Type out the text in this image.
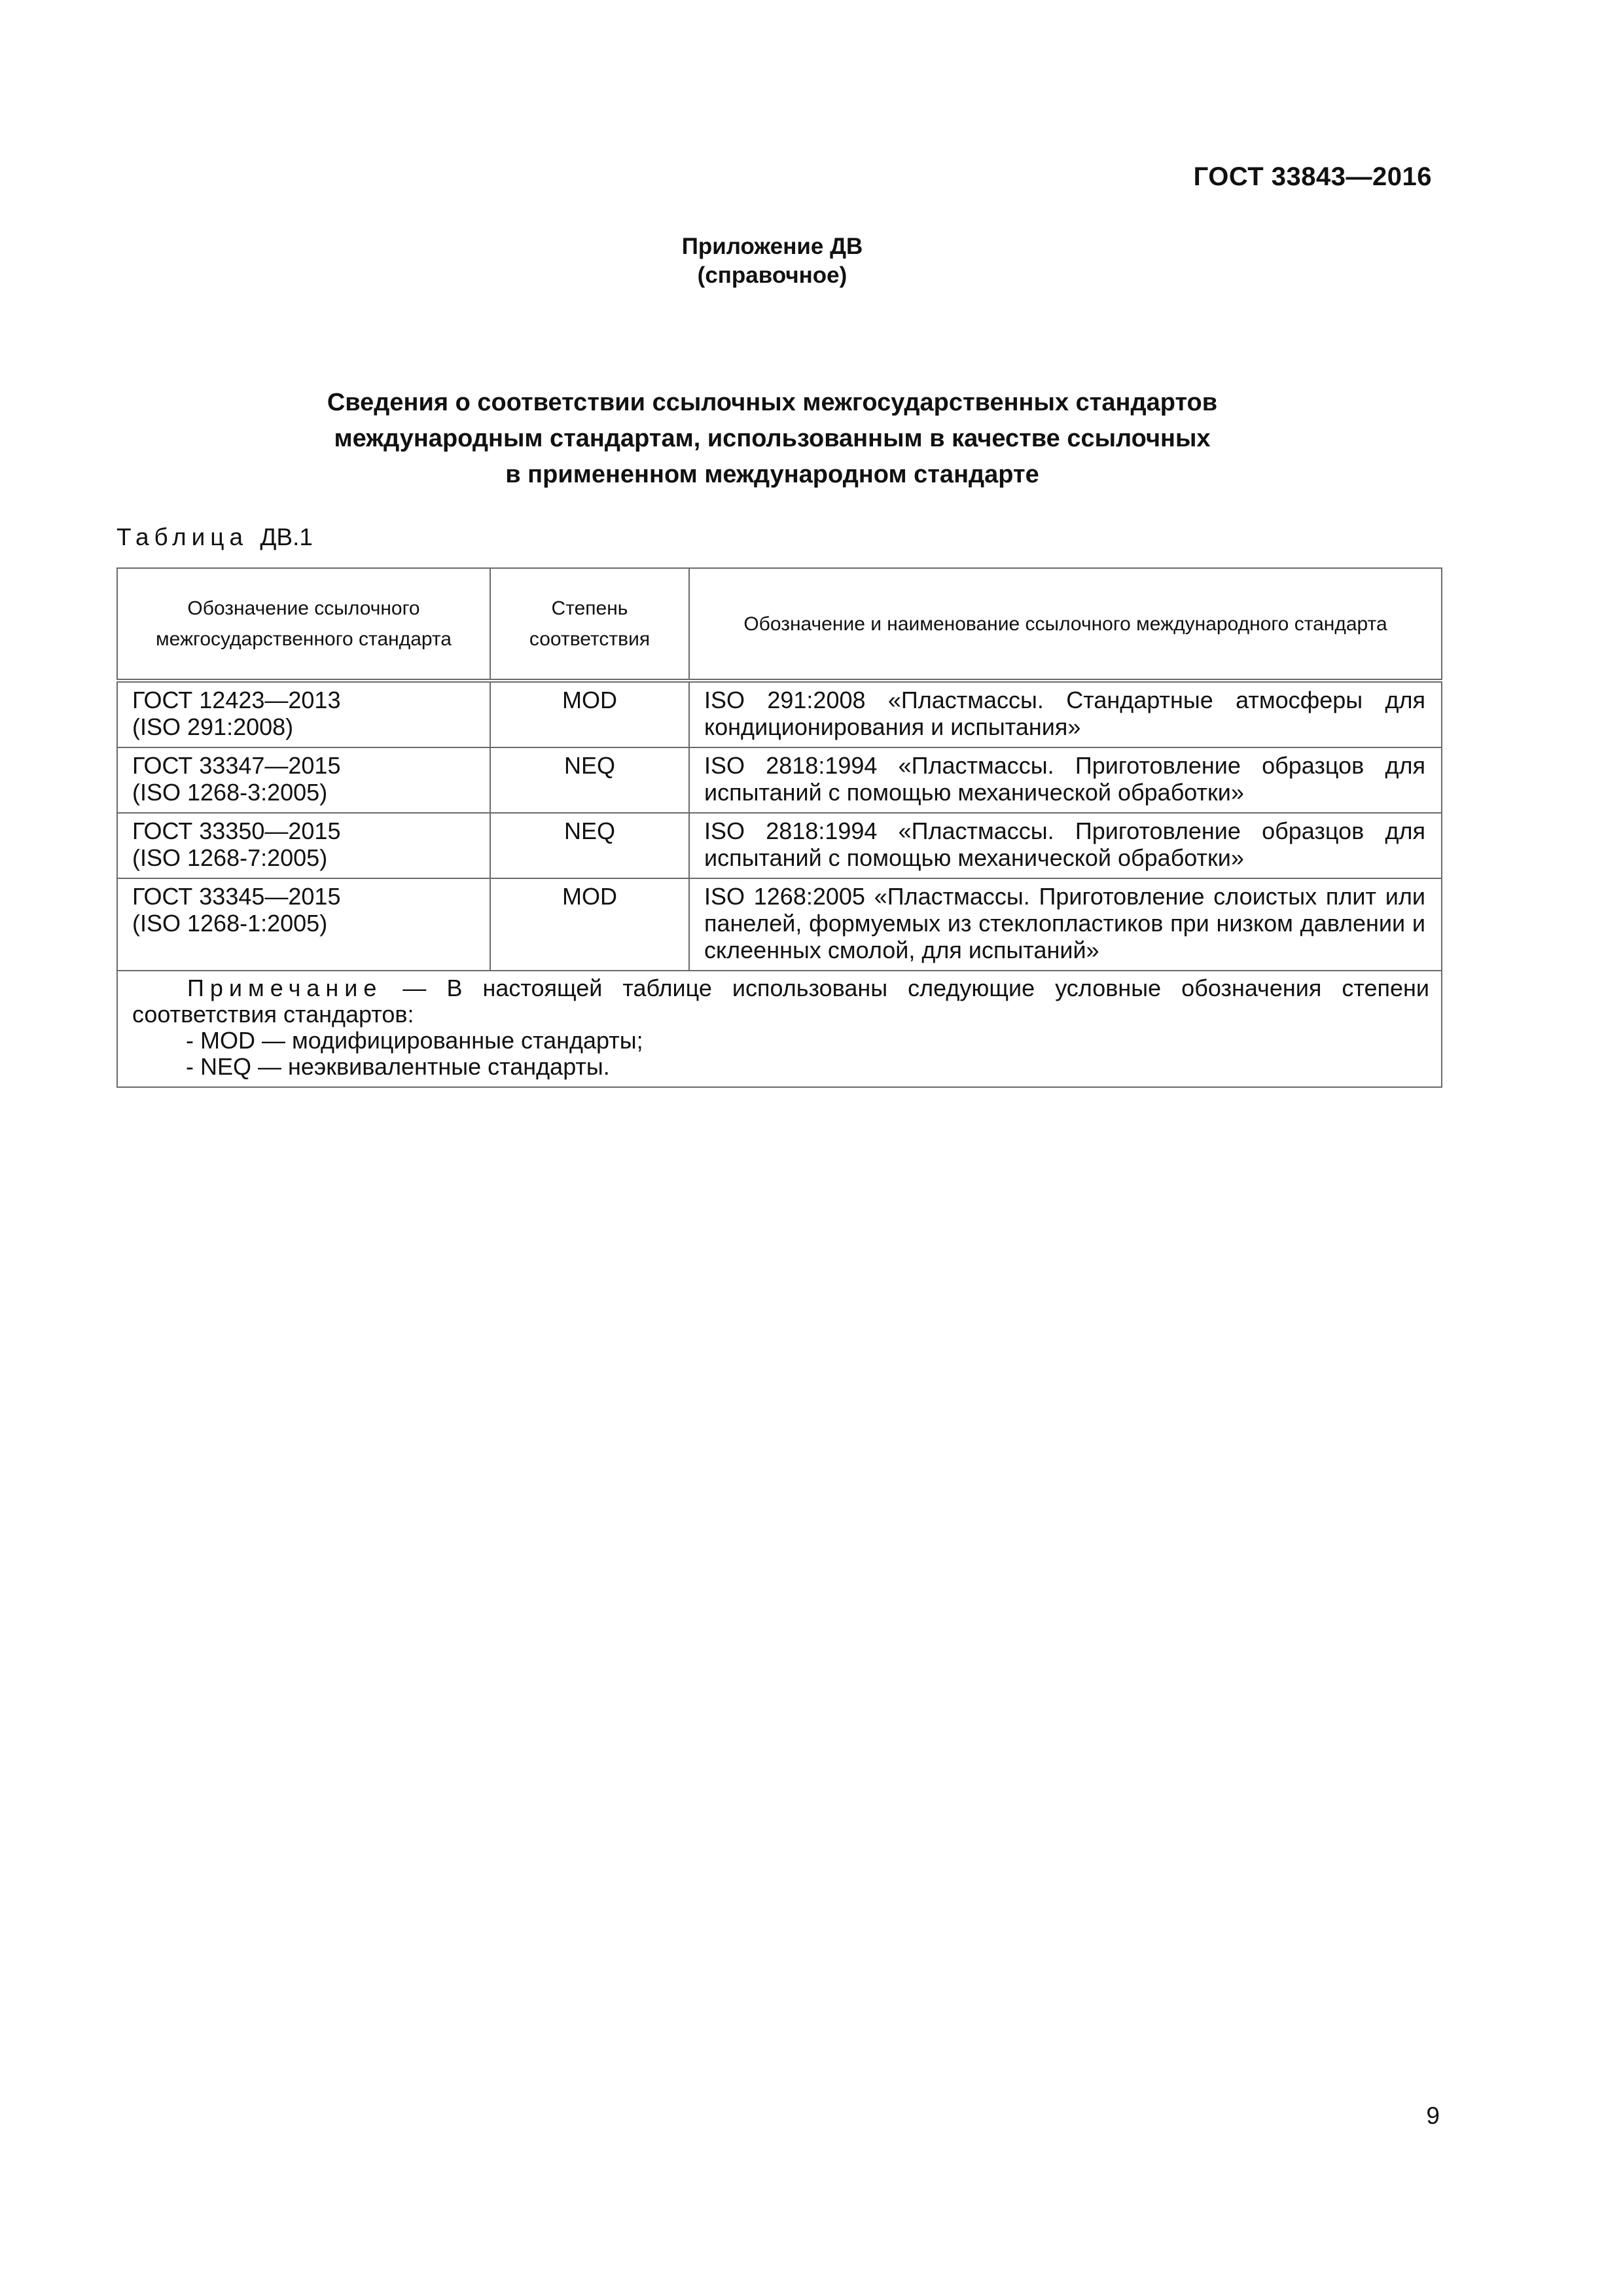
ГОСТ 33843—2016
Приложение ДВ
(справочное)
Сведения о соответствии ссылочных межгосударственных стандартов
международным стандартам, использованным в качестве ссылочных
в примененном международном стандарте
Таблица ДВ.1
Обозначение ссылочного межгосударственного стандарта	Степень соответствия	Обозначение и наименование ссылочного международного стандарта

ГОСТ 12423—2013
(ISO 291:2008)	MOD	ISO 291:2008 «Пластмассы. Стандартные атмосферы для кондиционирования и испытания»

ГОСТ 33347—2015
(ISO 1268-3:2005)	NEQ	ISO 2818:1994 «Пластмассы. Приготовление образцов для испытаний с помощью механической обработки»

ГОСТ 33350—2015
(ISO 1268-7:2005)	NEQ	ISO 2818:1994 «Пластмассы. Приготовление образцов для испытаний с помощью механической обработки»

ГОСТ 33345—2015
(ISO 1268-1:2005)	MOD	ISO 1268:2005 «Пластмассы. Приготовление слоистых плит или панелей, формуемых из стеклопластиков при низком давлении и склеенных смолой, для испытаний»

Примечание — В настоящей таблице использованы следующие условные обозначения степени соответствия стандартов:
- MOD — модифицированные стандарты;
- NEQ — неэквивалентные стандарты.		
9
